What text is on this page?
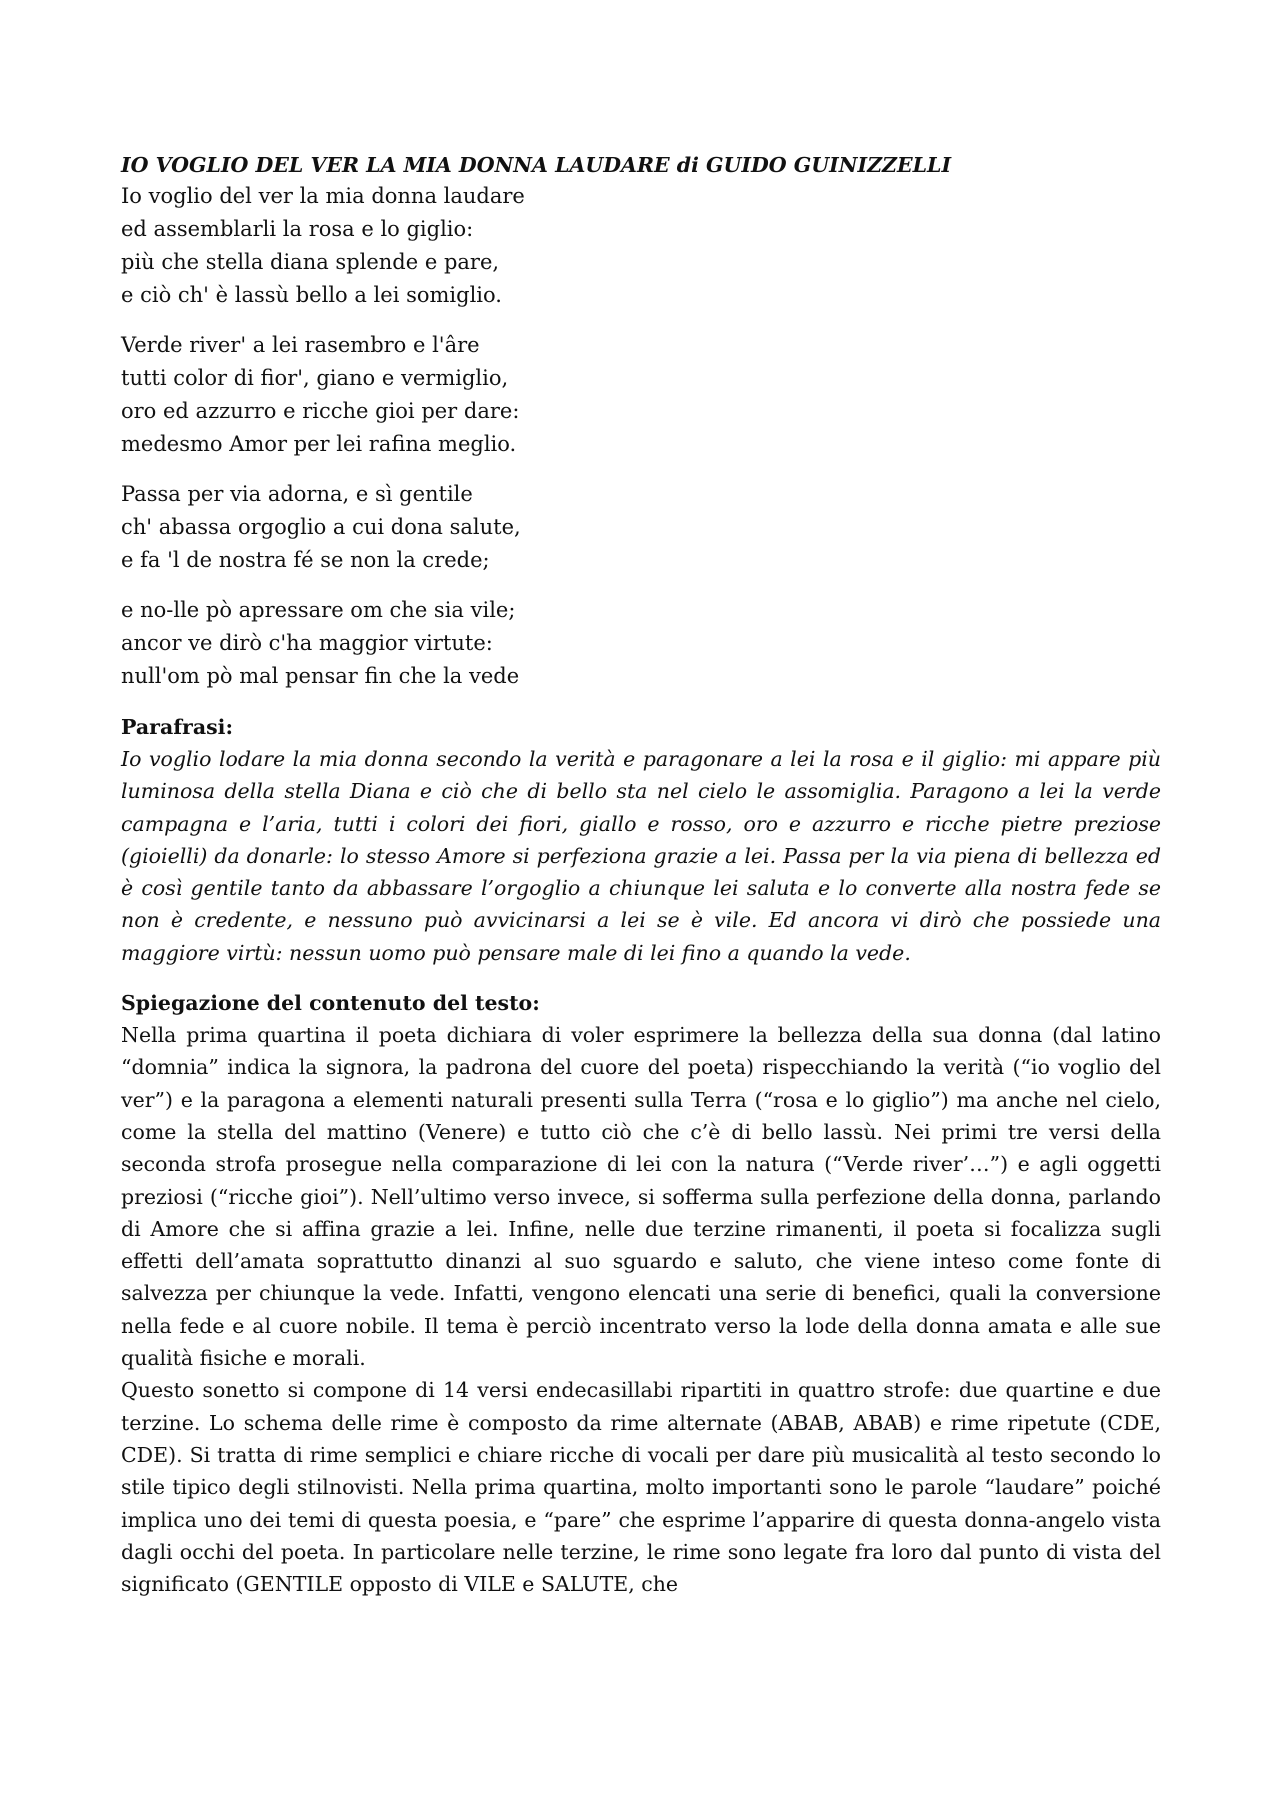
IO VOGLIO DEL VER LA MIA DONNA LAUDARE di GUIDO GUINIZZELLI
Io voglio del ver la mia donna laudare
ed assemblarli la rosa e lo giglio:
più che stella diana splende e pare,
e ciò ch' è lassù bello a lei somiglio.
Verde river' a lei rasembro e l'âre
tutti color di fior', giano e vermiglio,
oro ed azzurro e ricche gioi per dare:
medesmo Amor per lei rafina meglio.
Passa per via adorna, e sì gentile
ch' abassa orgoglio a cui dona salute,
e fa 'l de nostra fé se non la crede;
e no-lle pò apressare om che sia vile;
ancor ve dirò c'ha maggior virtute:
null'om pò mal pensar fin che la vede
Parafrasi:

Io voglio lodare la mia donna secondo la verità e paragonare a lei la rosa e il giglio: mi appare più luminosa della stella Diana e ciò che di bello sta nel cielo le assomiglia. Paragono a lei la verde campagna e l’aria, tutti i colori dei fiori, giallo e rosso, oro e azzurro e ricche pietre preziose (gioielli) da donarle: lo stesso Amore si perfeziona grazie a lei. Passa per la via piena di bellezza ed è così gentile tanto da abbassare l’orgoglio a chiunque lei saluta e lo converte alla nostra fede se non è credente, e nessuno può avvicinarsi a lei se è vile. Ed ancora vi dirò che possiede una maggiore virtù: nessun uomo può pensare male di lei fino a quando la vede.

Spiegazione del contenuto del testo:

Nella prima quartina il poeta dichiara di voler esprimere la bellezza della sua donna (dal latino “domnia” indica la signora, la padrona del cuore del poeta) rispecchiando la verità (“io voglio del ver”) e la paragona a elementi naturali presenti sulla Terra (“rosa e lo giglio”) ma anche nel cielo, come la stella del mattino (Venere) e tutto ciò che c’è di bello lassù. Nei primi tre versi della seconda strofa prosegue nella comparazione di lei con la natura (“Verde river’…”) e agli oggetti preziosi (“ricche gioi”). Nell’ultimo verso invece, si sofferma sulla perfezione della donna, parlando di Amore che si affina grazie a lei. Infine, nelle due terzine rimanenti, il poeta si focalizza sugli effetti dell’amata soprattutto dinanzi al suo sguardo e saluto, che viene inteso come fonte di salvezza per chiunque la vede. Infatti, vengono elencati una serie di benefici, quali la conversione nella fede e al cuore nobile. Il tema è perciò incentrato verso la lode della donna amata e alle sue qualità fisiche e morali.

Questo sonetto si compone di 14 versi endecasillabi ripartiti in quattro strofe: due quartine e due terzine. Lo schema delle rime è composto da rime alternate (ABAB, ABAB) e rime ripetute (CDE, CDE). Si tratta di rime semplici e chiare ricche di vocali per dare più musicalità al testo secondo lo stile tipico degli stilnovisti. Nella prima quartina, molto importanti sono le parole “laudare” poiché implica uno dei temi di questa poesia, e “pare” che esprime l’apparire di questa donna-angelo vista dagli occhi del poeta. In particolare nelle terzine, le rime sono legate fra loro dal punto di vista del significato (GENTILE opposto di VILE e SALUTE, che
